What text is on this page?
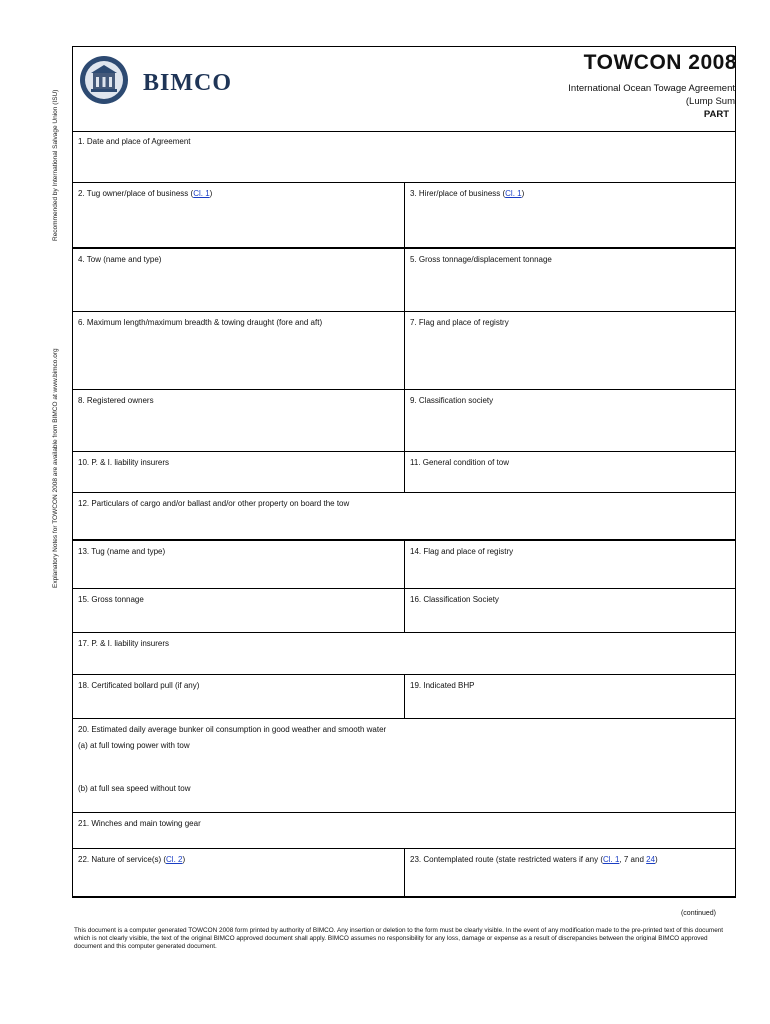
Recommended by International Salvage Union (ISU)
Explanatory Notes for TOWCON 2008 are available from BIMCO at www.bimco.org
BIMCO
TOWCON 2008
International Ocean Towage Agreement
(Lump Sum
PART
1. Date and place of Agreement
2. Tug owner/place of business (Cl. 1)	3. Hirer/place of business (Cl. 1)
4. Tow (name and type)	5. Gross tonnage/displacement tonnage
6. Maximum length/maximum breadth & towing draught (fore and aft)	7. Flag and place of registry
8. Registered owners	9. Classification society
10. P. & I. liability insurers	11. General condition of tow
12. Particulars of cargo and/or ballast and/or other property on board the tow
13. Tug (name and type)	14. Flag and place of registry
15. Gross tonnage	16. Classification Society
17. P. & I. liability insurers
18. Certificated bollard pull (if any)	19. Indicated BHP
20. Estimated daily average bunker oil consumption in good weather and smooth water
(a) at full towing power with tow
(b) at full sea speed without tow
21. Winches and main towing gear
22. Nature of service(s) (Cl. 2)	23. Contemplated route (state restricted waters if any (Cl. 1, 7 and 24)
(continued)
This document is a computer generated TOWCON 2008 form printed by authority of BIMCO. Any insertion or deletion to the form must be clearly visible. In the event of any modification made to the pre-printed text of this document which is not clearly visible, the text of the original BIMCO approved document shall apply. BIMCO assumes no responsibility for any loss, damage or expense as a result of discrepancies between the original BIMCO approved document and this computer generated document.
